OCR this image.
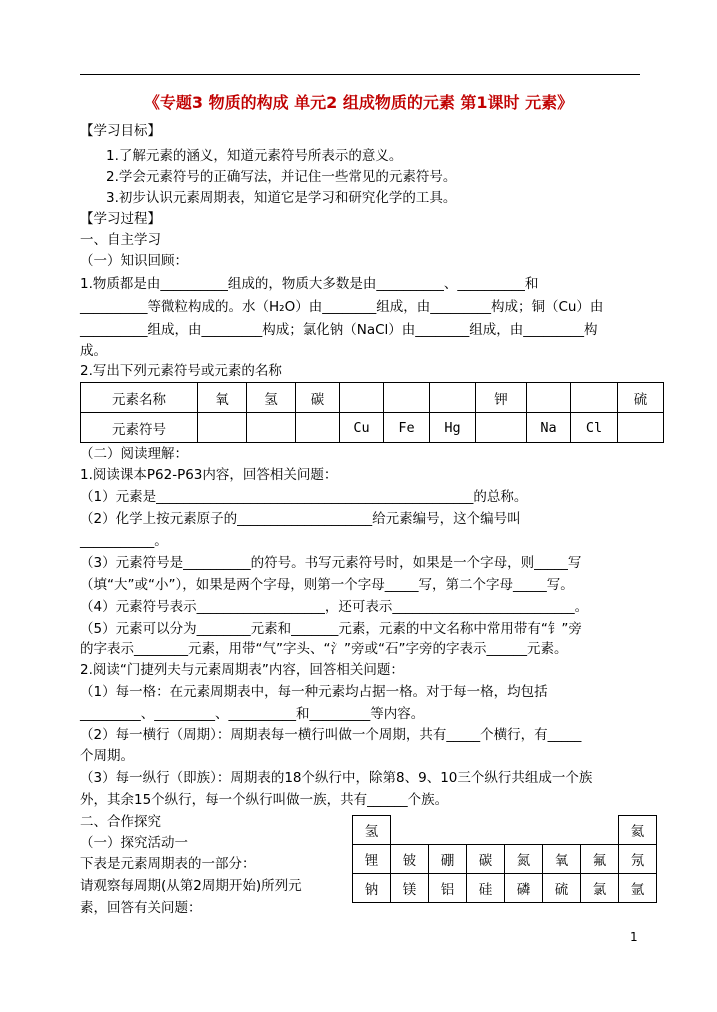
《专题3 物质的构成 单元2 组成物质的元素 第1课时 元素》
【学习目标】
1.了解元素的涵义，知道元素符号所表示的意义。
2.学会元素符号的正确写法，并记住一些常见的元素符号。
3.初步认识元素周期表，知道它是学习和研究化学的工具。
【学习过程】
一、自主学习
（一）知识回顾：
1.物质都是由__________组成的，物质大多数是由__________、__________和
__________等微粒构成的。水（H₂O）由________组成，由_________构成；铜（Cu）由
__________组成，由_________构成；氯化钠（NaCl）由________组成，由_________构
成。
2.写出下列元素符号或元素的名称
元素名称	氧	氢	碳				钾			硫
元素符号				Cu	Fe	Hg		Na	Cl	
（二）阅读理解：
1.阅读课本P62-P63内容，回答相关问题：
（1）元素是_______________________________________________的总称。
（2）化学上按元素原子的____________________给元素编号，这个编号叫
___________。
（3）元素符号是__________的符号。书写元素符号时，如果是一个字母，则_____写
（填“大”或“小”），如果是两个字母，则第一个字母_____写，第二个字母_____写。
（4）元素符号表示___________________，还可表示___________________________。
（5）元素可以分为________元素和_______元素，元素的中文名称中常用带有“钅”旁
的字表示________元素，用带“气”字头、“氵”旁或“石”字旁的字表示______元素。
2.阅读“门捷列夫与元素周期表”内容，回答相关问题：
（1）每一格：在元素周期表中，每一种元素均占据一格。对于每一格，均包括
_________、_________、__________和_________等内容。
（2）每一横行（周期）：周期表每一横行叫做一个周期，共有_____个横行，有_____
个周期。
（3）每一纵行（即族）：周期表的18个纵行中，除第8、9、10三个纵行共组成一个族
外，其余15个纵行，每一个纵行叫做一族，共有______个族。
二、合作探究
（一）探究活动一
下表是元素周期表的一部分：
请观察每周期(从第2周期开始)所列元
素，回答有关问题：
氢							氦
锂	铍	硼	碳	氮	氧	氟	氖
钠	镁	铝	硅	磷	硫	氯	氩
1
